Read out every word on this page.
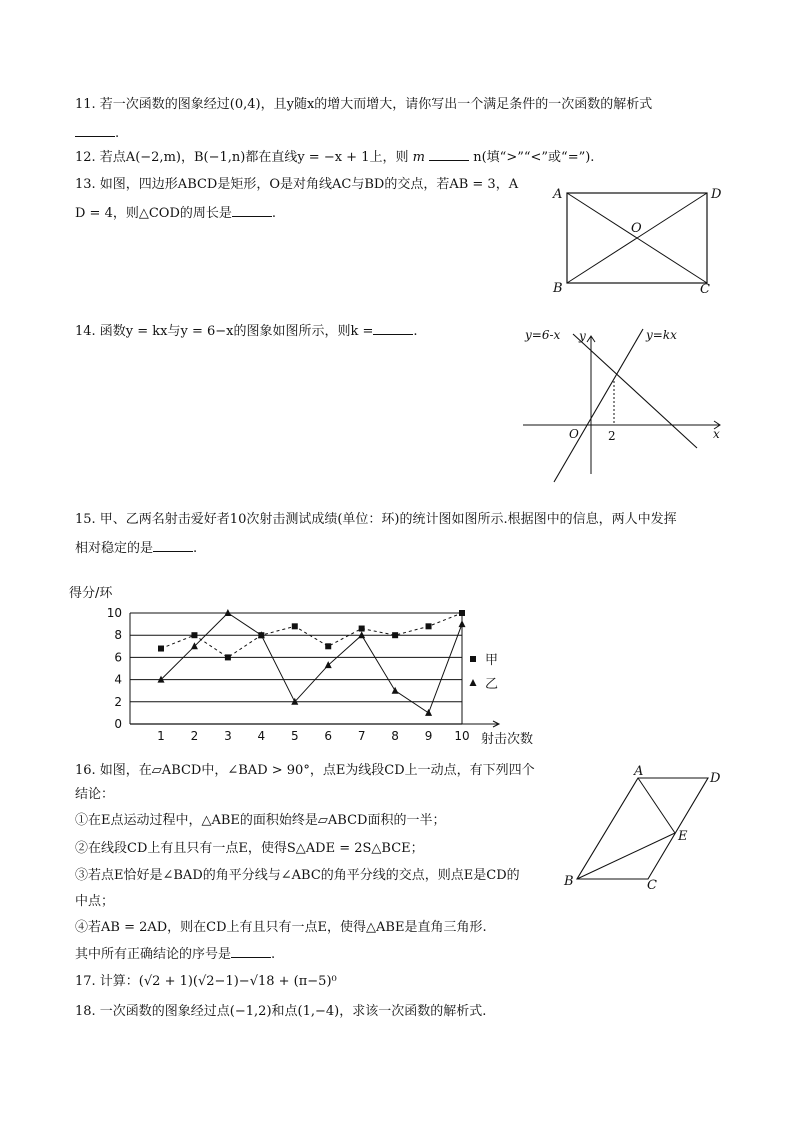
11. 若一次函数的图象经过(0,4)，且y随x的增大而增大，请你写出一个满足条件的一次函数的解析式
.
12. 若点A(−2,m)，B(−1,n)都在直线y = −x + 1上，则 m	n(填“>”“<”或“=”).
13. 如图，四边形ABCD是矩形，O是对角线AC与BD的交点，若AB = 3，A
D = 4，则△COD的周长是	.
A	D
B	C
O
14. 函数y = kx与y = 6−x的图象如图所示，则k =	.	y=6-x	y=kx
y
x
O 2
15. 甲、乙两名射击爱好者10次射击测试成绩(单位：环)的统计图如图所示.根据图中的信息，两人中发挥
相对稳定的是	.
0
2
4
6
8
10
1 2 3 4 5 6 7 8 9 10
甲
乙
得分/环
射击次数
16. 如图，在▱ABCD中，∠BAD > 90°，点E为线段CD上一动点，有下列四个
结论：
①在E点运动过程中，△ABE的面积始终是▱ABCD面积的一半；
②在线段CD上有且只有一点E，使得S△ADE = 2S△BCE；
③若点E恰好是∠BAD的角平分线与∠ABC的角平分线的交点，则点E是CD的
中点；
④若AB = 2AD，则在CD上有且只有一点E，使得△ABE是直角三角形.
其中所有正确结论的序号是	.
A	D
B	C
E
17. 计算：(√2 + 1)(√2−1)−√18 + (π−5)⁰
18. 一次函数的图象经过点(−1,2)和点(1,−4)，求该一次函数的解析式.
